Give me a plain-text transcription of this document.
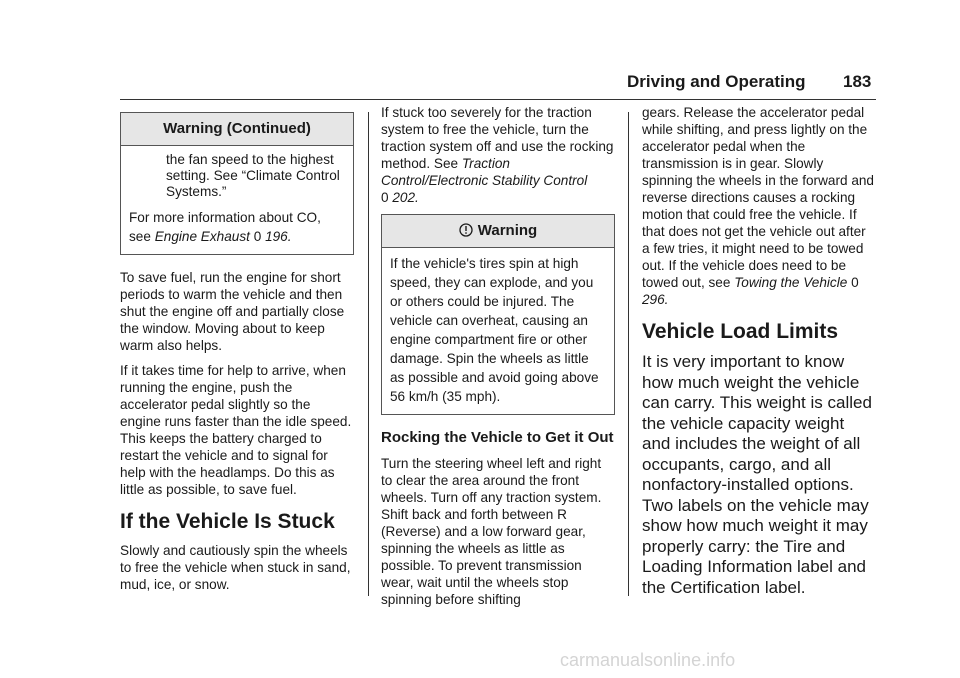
Driving and Operating 183
Warning (Continued)
the fan speed to the highest setting. See “Climate Control Systems.”
For more information about CO, see Engine Exhaust 0 196.

To save fuel, run the engine for short periods to warm the vehicle and then shut the engine off and partially close the window. Moving about to keep warm also helps.

If it takes time for help to arrive, when running the engine, push the accelerator pedal slightly so the engine runs faster than the idle speed. This keeps the battery charged to restart the vehicle and to signal for help with the headlamps. Do this as little as possible, to save fuel.

If the Vehicle Is Stuck

Slowly and cautiously spin the wheels to free the vehicle when stuck in sand, mud, ice, or snow.

If stuck too severely for the traction system to free the vehicle, turn the traction system off and use the rocking method. See Traction Control/Electronic Stability Control
0 202.

Warning
If the vehicle's tires spin at high speed, they can explode, and you or others could be injured. The vehicle can overheat, causing an engine compartment fire or other damage. Spin the wheels as little as possible and avoid going above 56 km/h (35 mph).
Rocking the Vehicle to Get it Out

Turn the steering wheel left and right to clear the area around the front wheels. Turn off any traction system. Shift back and forth between R (Reverse) and a low forward gear, spinning the wheels as little as possible. To prevent transmission wear, wait until the wheels stop spinning before shifting

gears. Release the accelerator pedal while shifting, and press lightly on the accelerator pedal when the transmission is in gear. Slowly spinning the wheels in the forward and reverse directions causes a rocking motion that could free the vehicle. If that does not get the vehicle out after a few tries, it might need to be towed out. If the vehicle does need to be towed out, see Towing the Vehicle 0 296.

Vehicle Load Limits

It is very important to know how much weight the vehicle can carry. This weight is called the vehicle capacity weight and includes the weight of all occupants, cargo, and all nonfactory-installed options. Two labels on the vehicle may show how much weight it may properly carry: the Tire and Loading Information label and the Certification label.

carmanualsonline.info
